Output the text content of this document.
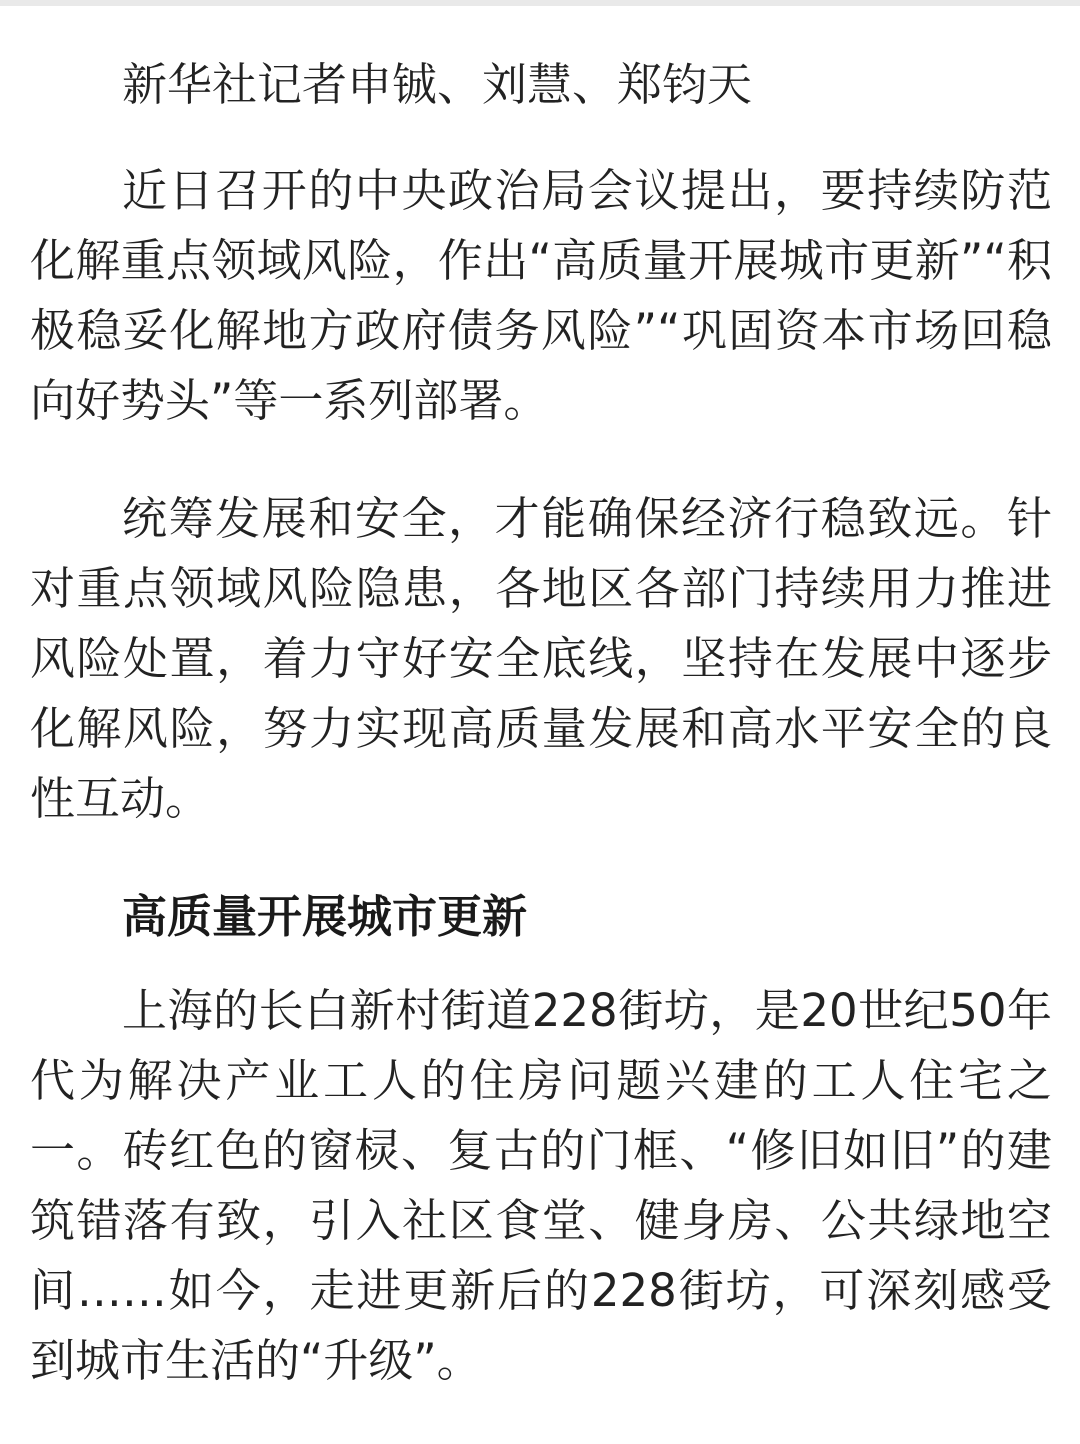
新华社记者申铖、刘慧、郑钧天

近日召开的中央政治局会议提出，要持续防范化解重点领域风险，作出“高质量开展城市更新”“积极稳妥化解地方政府债务风险”“巩固资本市场回稳向好势头”等一系列部署。

统筹发展和安全，才能确保经济行稳致远。针对重点领域风险隐患，各地区各部门持续用力推进风险处置，着力守好安全底线，坚持在发展中逐步化解风险，努力实现高质量发展和高水平安全的良性互动。

高质量开展城市更新

上海的长白新村街道228街坊，是20世纪50年代为解决产业工人的住房问题兴建的工人住宅之一。砖红色的窗棂、复古的门框、“修旧如旧”的建筑错落有致，引入社区食堂、健身房、公共绿地空间……如今，走进更新后的228街坊，可深刻感受到城市生活的“升级”。
